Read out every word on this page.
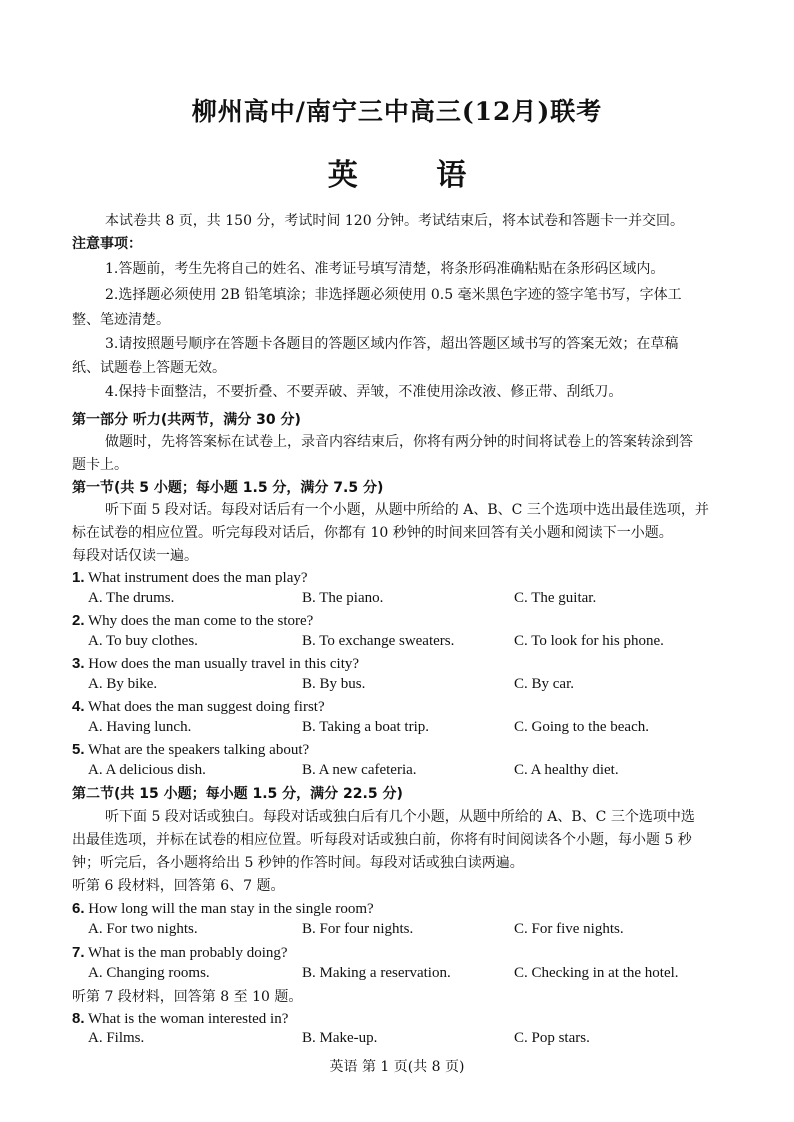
柳州高中/南宁三中高三(12月)联考
英 语
本试卷共 8 页，共 150 分，考试时间 120 分钟。考试结束后，将本试卷和答题卡一并交回。
注意事项：
1.答题前，考生先将自己的姓名、准考证号填写清楚，将条形码准确粘贴在条形码区域内。
2.选择题必须使用 2B 铅笔填涂；非选择题必须使用 0.5 毫米黑色字迹的签字笔书写，字体工
整、笔迹清楚。
3.请按照题号顺序在答题卡各题目的答题区域内作答，超出答题区域书写的答案无效；在草稿
纸、试题卷上答题无效。
4.保持卡面整洁，不要折叠、不要弄破、弄皱，不准使用涂改液、修正带、刮纸刀。
第一部分 听力(共两节，满分 30 分)
做题时，先将答案标在试卷上，录音内容结束后，你将有两分钟的时间将试卷上的答案转涂到答
题卡上。
第一节(共 5 小题；每小题 1.5 分，满分 7.5 分)
听下面 5 段对话。每段对话后有一个小题，从题中所给的 A、B、C 三个选项中选出最佳选项，并
标在试卷的相应位置。听完每段对话后，你都有 10 秒钟的时间来回答有关小题和阅读下一小题。
每段对话仅读一遍。
1. What instrument does the man play?
A. The drums.	B. The piano.	C. The guitar.
2. Why does the man come to the store?
A. To buy clothes.	B. To exchange sweaters.	C. To look for his phone.
3. How does the man usually travel in this city?
A. By bike.	B. By bus.	C. By car.
4. What does the man suggest doing first?
A. Having lunch.	B. Taking a boat trip.	C. Going to the beach.
5. What are the speakers talking about?
A. A delicious dish.	B. A new cafeteria.	C. A healthy diet.
第二节(共 15 小题；每小题 1.5 分，满分 22.5 分)
听下面 5 段对话或独白。每段对话或独白后有几个小题，从题中所给的 A、B、C 三个选项中选
出最佳选项，并标在试卷的相应位置。听每段对话或独白前，你将有时间阅读各个小题，每小题 5 秒
钟；听完后，各小题将给出 5 秒钟的作答时间。每段对话或独白读两遍。
听第 6 段材料，回答第 6、7 题。
6. How long will the man stay in the single room?
A. For two nights.	B. For four nights.	C. For five nights.
7. What is the man probably doing?
A. Changing rooms.	B. Making a reservation.	C. Checking in at the hotel.
听第 7 段材料，回答第 8 至 10 题。
8. What is the woman interested in?
A. Films.	B. Make-up.	C. Pop stars.
英语 第 1 页(共 8 页)
